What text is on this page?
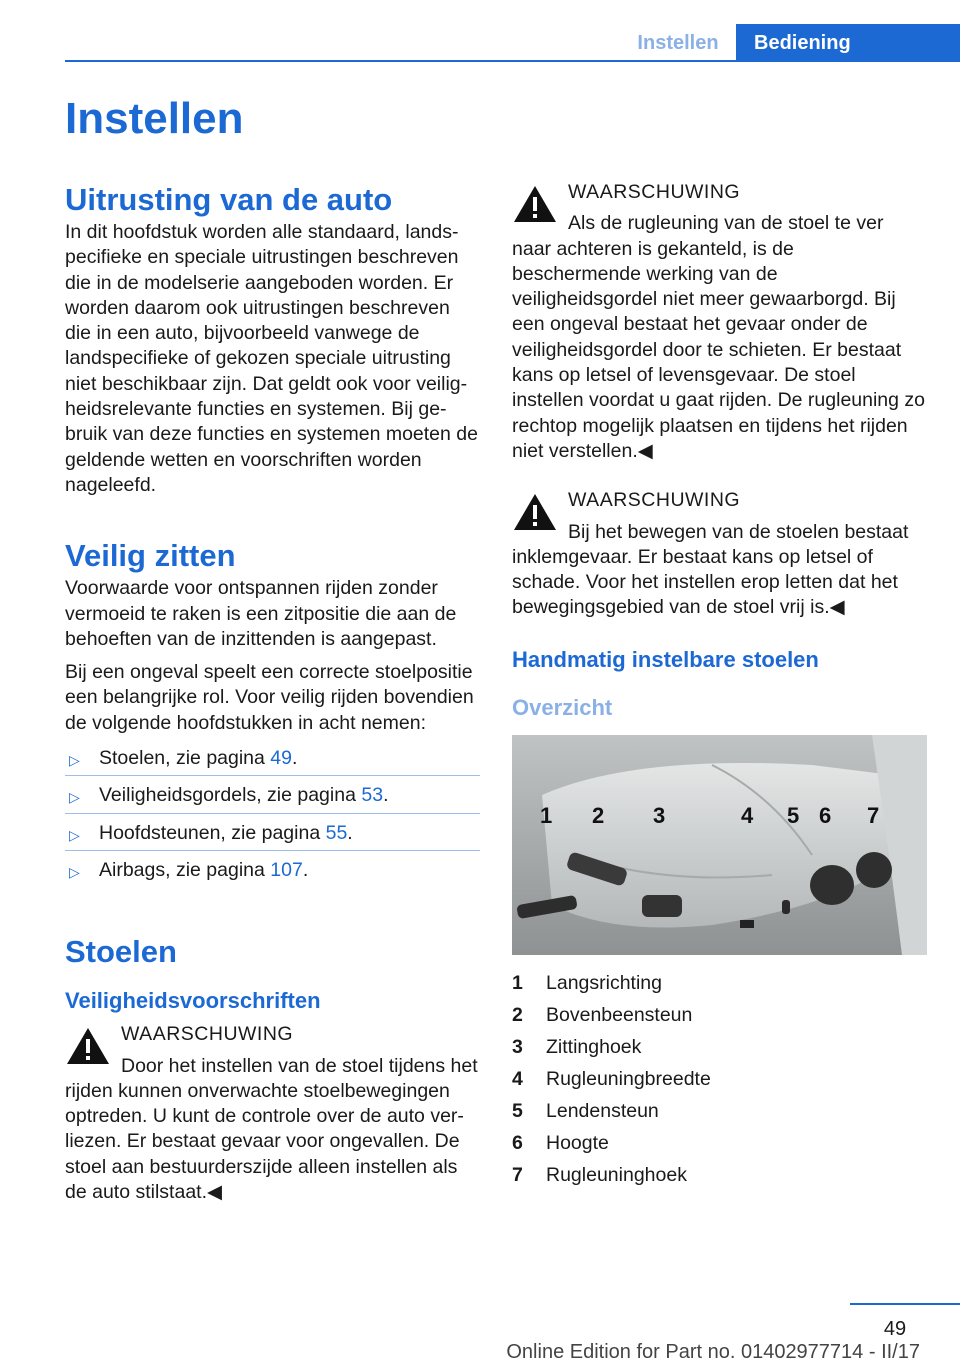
Instellen	Bediening
Instellen
Uitrusting van de auto

In dit hoofdstuk worden alle standaard, landspecifieke en speciale uitrustingen beschreven die in de modelserie aangeboden worden. Er worden daarom ook uitrustingen beschreven die in een auto, bijvoorbeeld vanwege de landspecifieke of gekozen speciale uitrusting niet beschikbaar zijn. Dat geldt ook voor veiligheidsrelevante functies en systemen. Bij gebruik van deze functies en systemen moeten de geldende wetten en voorschriften worden nageleefd.

Veilig zitten

Voorwaarde voor ontspannen rijden zonder vermoeid te raken is een zitpositie die aan de behoeften van de inzittenden is aangepast.

Bij een ongeval speelt een correcte stoelpositie een belangrijke rol. Voor veilig rijden bovendien de volgende hoofdstukken in acht nemen:

▷ Stoelen, zie pagina 49.
▷ Veiligheidsgordels, zie pagina 53.
▷ Hoofdsteunen, zie pagina 55.
▷ Airbags, zie pagina 107.
Stoelen
Veiligheidsvoorschriften
WAARSCHUWING

Door het instellen van de stoel tijdens het rijden kunnen onverwachte stoelbewegingen optreden. U kunt de controle over de auto verliezen. Er bestaat gevaar voor ongevallen. De stoel aan bestuurderszijde alleen instellen als de auto stilstaat.◀

WAARSCHUWING

Als de rugleuning van de stoel te ver naar achteren is gekanteld, is de beschermende werking van de veiligheidsgordel niet meer gewaarborgd. Bij een ongeval bestaat het gevaar onder de veiligheidsgordel door te schieten. Er bestaat kans op letsel of levensgevaar. De stoel instellen voordat u gaat rijden. De rugleuning zo rechtop mogelijk plaatsen en tijdens het rijden niet verstellen.◀

WAARSCHUWING

Bij het bewegen van de stoelen bestaat inklemgevaar. Er bestaat kans op letsel of schade. Voor het instellen erop letten dat het bewegingsgebied van de stoel vrij is.◀

Handmatig instelbare stoelen
Overzicht
1 2 3	4 5 6 7
1	Langsrichting
2	Bovenbeensteun
3	Zittinghoek
4	Rugleuningbreedte
5	Lendensteun
6	Hoogte
7	Rugleuninghoek
49
Online Edition for Part no. 01402977714 - II/17
